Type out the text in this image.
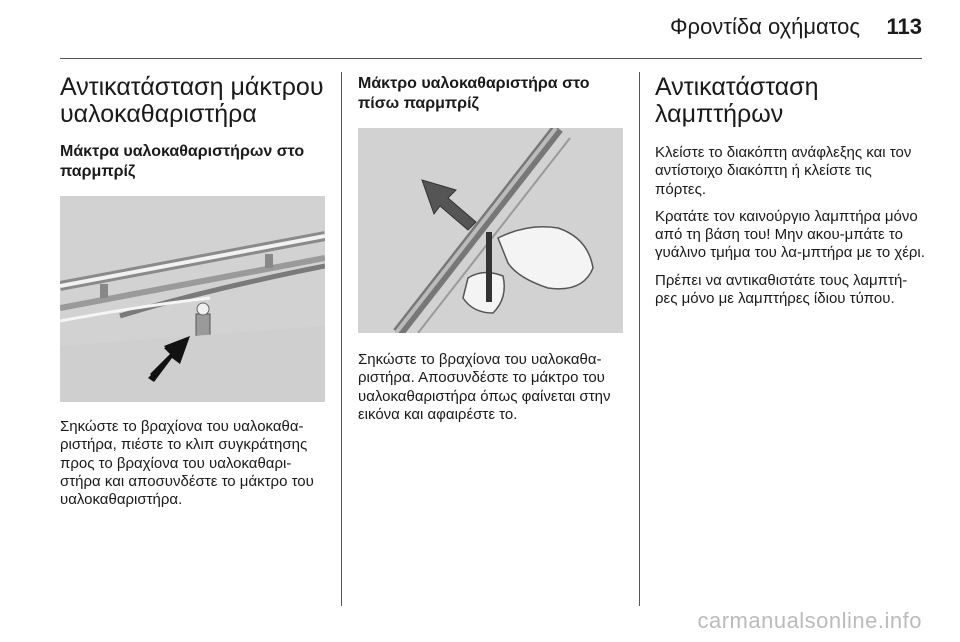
Φροντίδα οχήματος 113
Αντικατάσταση μάκτρου υαλοκαθαριστήρα
Μάκτρα υαλοκαθαριστήρων στο παρμπρίζ

Σηκώστε το βραχίονα του υαλοκαθα-ριστήρα, πιέστε το κλιπ συγκράτησης προς το βραχίονα του υαλοκαθαρι-στήρα και αποσυνδέστε το μάκτρο του υαλοκαθαριστήρα.

Μάκτρο υαλοκαθαριστήρα στο πίσω παρμπρίζ

Σηκώστε το βραχίονα του υαλοκαθα-ριστήρα. Αποσυνδέστε το μάκτρο του υαλοκαθαριστήρα όπως φαίνεται στην εικόνα και αφαιρέστε το.

Αντικατάσταση λαμπτήρων

Κλείστε το διακόπτη ανάφλεξης και τον αντίστοιχο διακόπτη ή κλείστε τις πόρτες.

Κρατάτε τον καινούργιο λαμπτήρα μόνο από τη βάση του! Μην ακου-μπάτε το γυάλινο τμήμα του λα-μπτήρα με το χέρι.

Πρέπει να αντικαθιστάτε τους λαμπτή-ρες μόνο με λαμπτήρες ίδιου τύπου.

carmanualsonline.info
